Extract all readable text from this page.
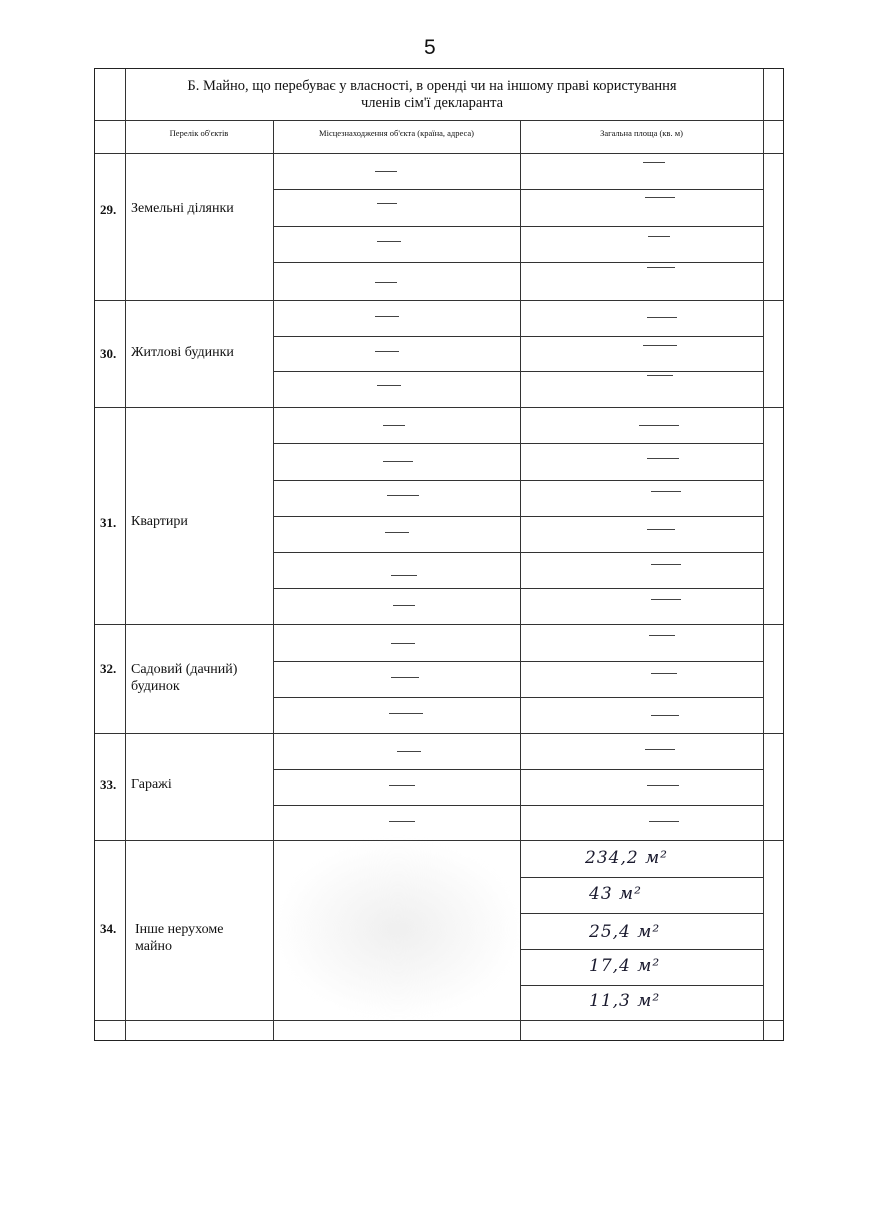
5
Б. Майно, що перебуває у власності, в оренді чи на іншому праві користування
членів сім'ї декларанта
Перелік об'єктів	Місцезнаходження об'єкта (країна, адреса)	Загальна площа (кв. м)
29. Земельні ділянки
30. Житлові будинки
31. Квартири
32. Садовий (дачний) будинок
33. Гаражі
34. Інше нерухоме майно
234,2 м²
43 м²
25,4 м²
17,4 м²
11,3 м²
